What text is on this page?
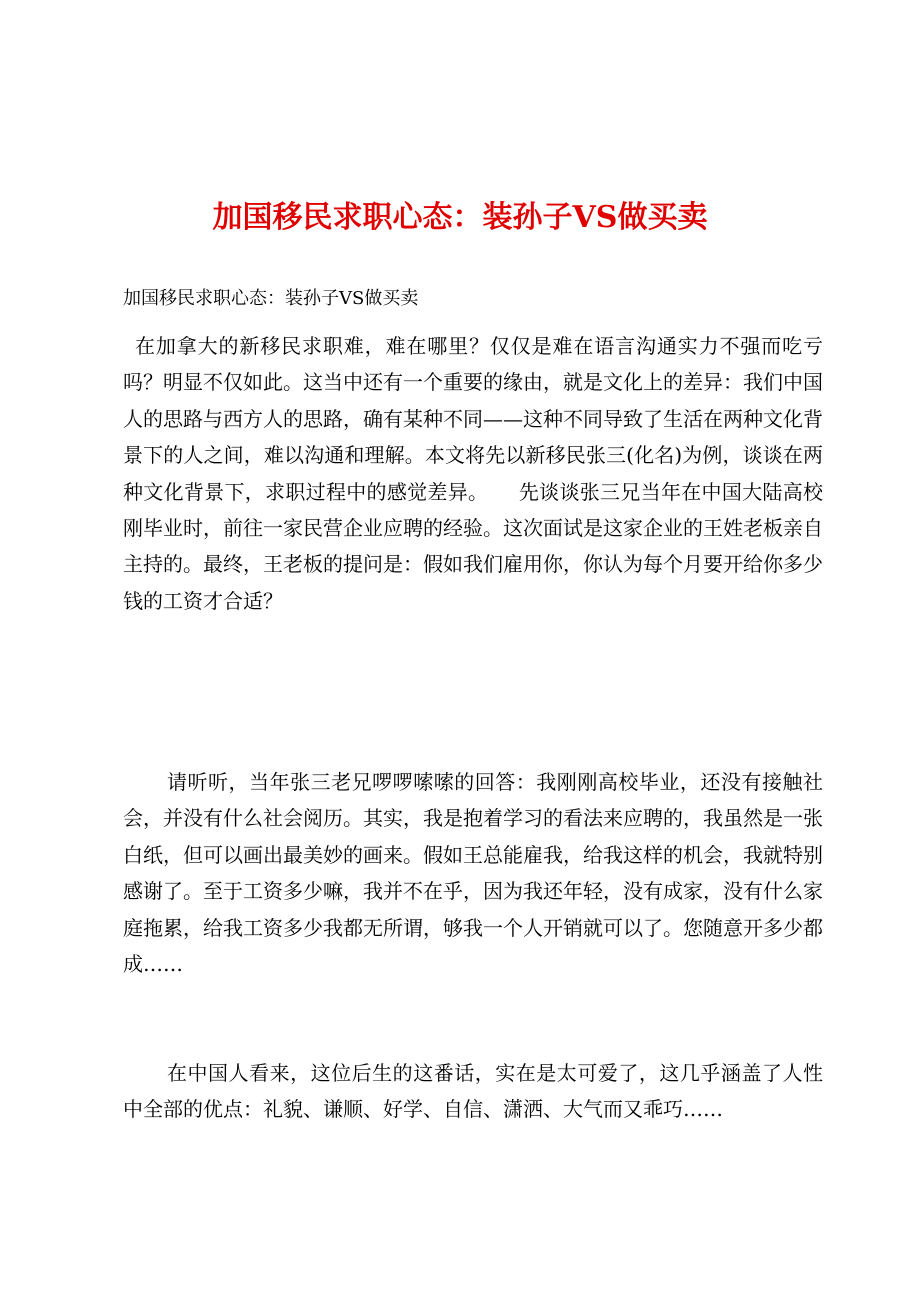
加国移民求职心态：装孙子VS做买卖

加国移民求职心态：装孙子VS做买卖

在加拿大的新移民求职难，难在哪里？仅仅是难在语言沟通实力不强而吃亏吗？明显不仅如此。这当中还有一个重要的缘由，就是文化上的差异：我们中国人的思路与西方人的思路，确有某种不同——这种不同导致了生活在两种文化背景下的人之间，难以沟通和理解。本文将先以新移民张三(化名)为例，谈谈在两种文化背景下，求职过程中的感觉差异。　　先谈谈张三兄当年在中国大陆高校刚毕业时，前往一家民营企业应聘的经验。这次面试是这家企业的王姓老板亲自主持的。最终，王老板的提问是：假如我们雇用你，你认为每个月要开给你多少钱的工资才合适？

请听听，当年张三老兄啰啰嗦嗦的回答：我刚刚高校毕业，还没有接触社会，并没有什么社会阅历。其实，我是抱着学习的看法来应聘的，我虽然是一张白纸，但可以画出最美妙的画来。假如王总能雇我，给我这样的机会，我就特别感谢了。至于工资多少嘛，我并不在乎，因为我还年轻，没有成家，没有什么家庭拖累，给我工资多少我都无所谓，够我一个人开销就可以了。您随意开多少都成……

在中国人看来，这位后生的这番话，实在是太可爱了，这几乎涵盖了人性中全部的优点：礼貌、谦顺、好学、自信、潇洒、大气而又乖巧……
